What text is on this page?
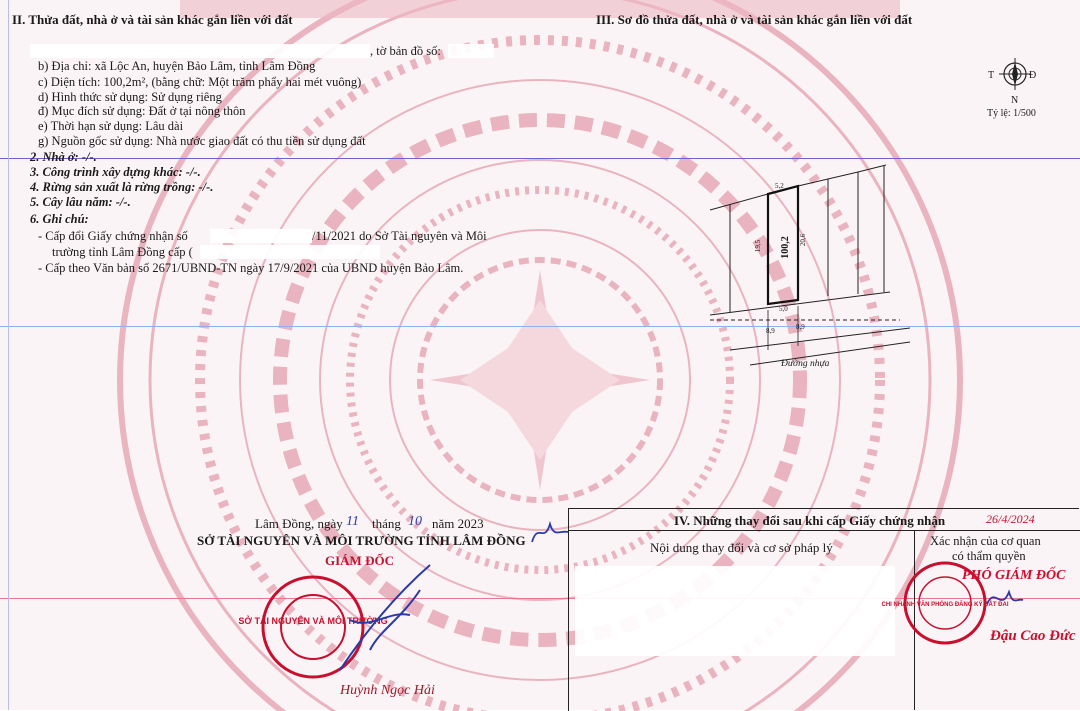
II. Thửa đất, nhà ở và tài sản khác gắn liền với đất	III. Sơ đồ thửa đất, nhà ở và tài sản khác gắn liền với đất
, tờ bản đồ số:
b) Địa chỉ: xã Lộc An, huyện Bảo Lâm, tỉnh Lâm Đồng
c) Diện tích: 100,2m², (bằng chữ: Một trăm phẩy hai mét vuông)
d) Hình thức sử dụng: Sử dụng riêng
đ) Mục đích sử dụng: Đất ở tại nông thôn
e) Thời hạn sử dụng: Lâu dài
g) Nguồn gốc sử dụng: Nhà nước giao đất có thu tiền sử dụng đất
2. Nhà ở: -/-.
3. Công trình xây dựng khác: -/-.
4. Rừng sản xuất là rừng trồng: -/-.
5. Cây lâu năm: -/-.
6. Ghi chú:
- Cấp đổi Giấy chứng nhận số	/11/2021 do Sở Tài nguyên và Môi
trường tỉnh Lâm Đồng cấp (
- Cấp theo Văn bản số 2671/UBND-TN ngày 17/9/2021 của UBND huyện Bảo Lâm.
T	Đ
N
Tỷ lệ: 1/500
5,2
19,5	20,6
100,2
5,0
8,9	8,9
Đường nhựa
Lâm Đồng, ngày 11 tháng 10 năm 2023
SỞ TÀI NGUYÊN VÀ MÔI TRƯỜNG TỈNH LÂM ĐỒNG
GIÁM ĐỐC
SỞ TÀI NGUYÊN VÀ MÔI TRƯỜNG
Huỳnh Ngọc Hải
IV. Những thay đổi sau khi cấp Giấy chứng nhận	26/4/2024
Nội dung thay đổi và cơ sở pháp lý	Xác nhận của cơ quan
có thẩm quyền
CHI NHÁNH VĂN PHÒNG ĐĂNG KÝ ĐẤT ĐAI
PHÓ GIÁM ĐỐC
Đậu Cao Đức
